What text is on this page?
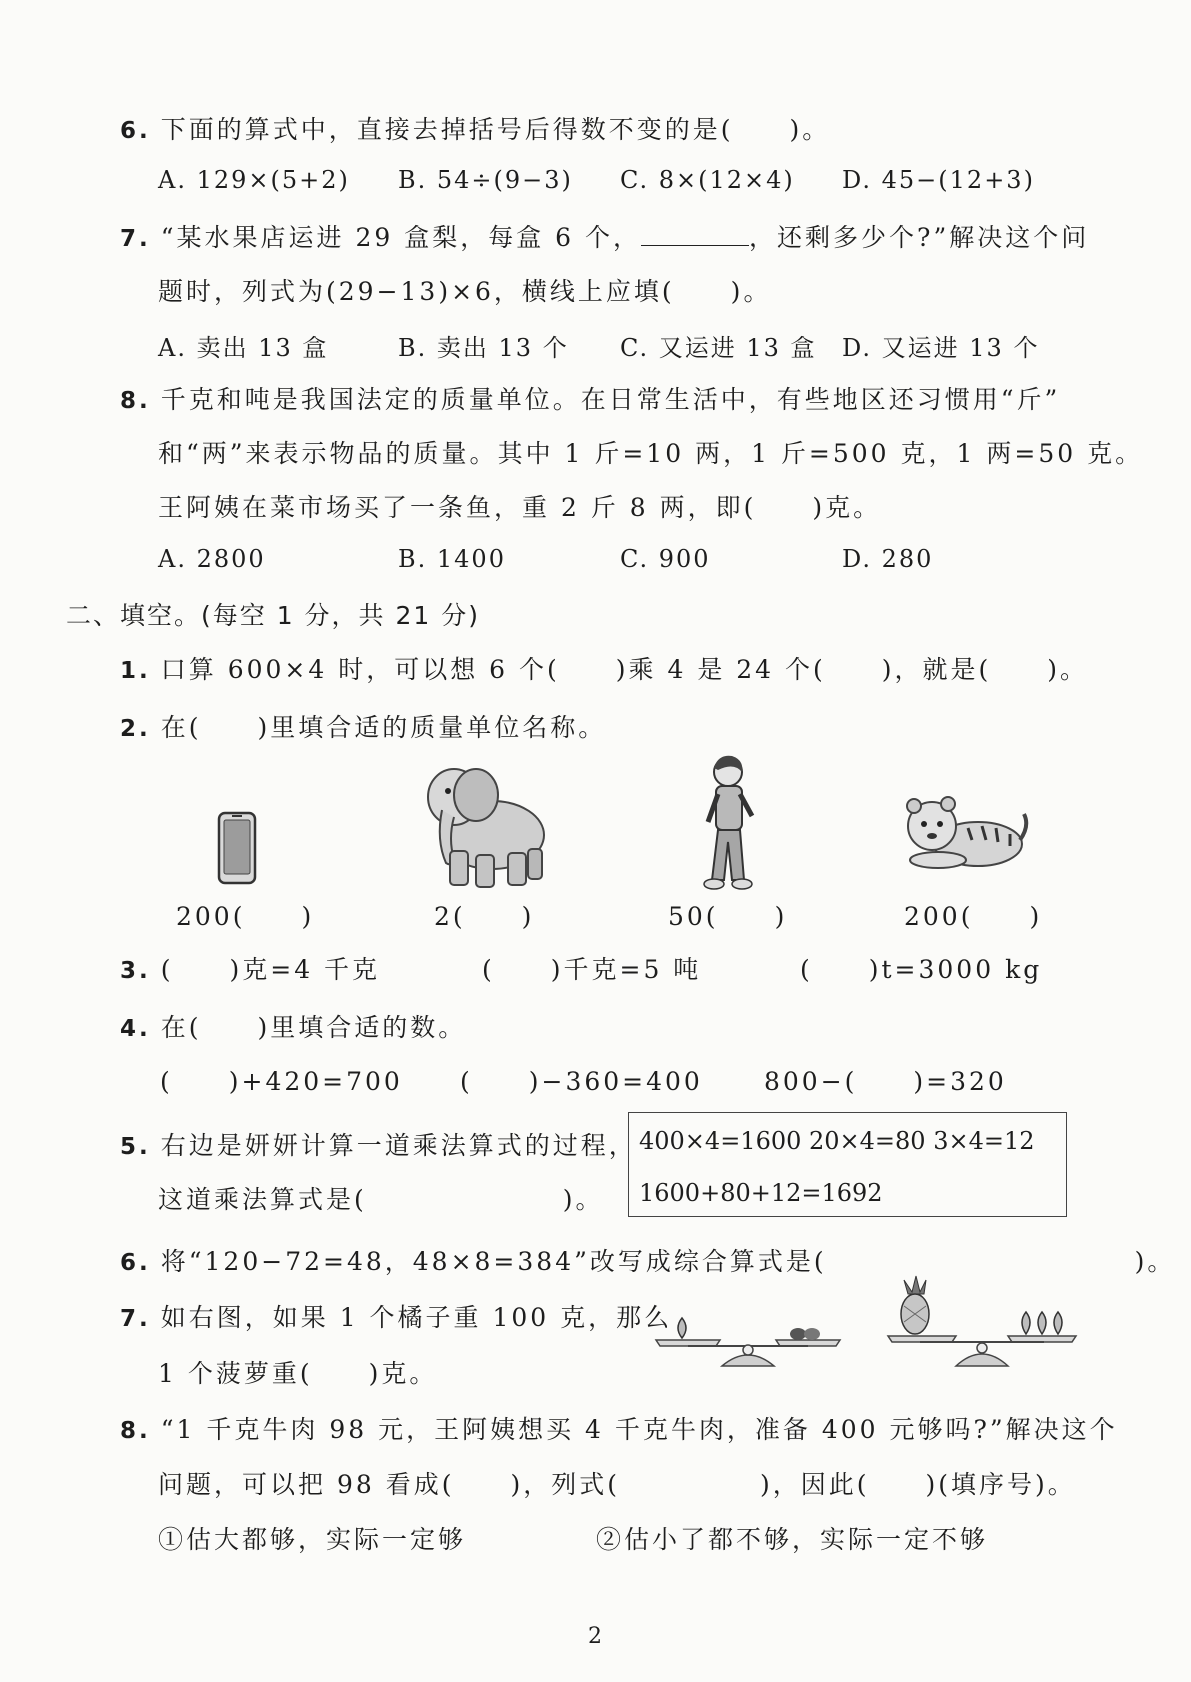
6. 下面的算式中，直接去掉括号后得数不变的是(　　)。
A. 129×(5+2) B. 54÷(9−3) C. 8×(12×4) D. 45−(12+3)
7. “某水果店运进 29 盒梨，每盒 6 个，	，还剩多少个?”解决这个问
题时，列式为(29−13)×6，横线上应填(　　)。
A. 卖出 13 盒	B. 卖出 13 个 C. 又运进 13 盒 D. 又运进 13 个
8. 千克和吨是我国法定的质量单位。在日常生活中，有些地区还习惯用“斤”
和“两”来表示物品的质量。其中 1 斤=10 两，1 斤=500 克，1 两=50 克。
王阿姨在菜市场买了一条鱼，重 2 斤 8 两，即(　　)克。
A. 2800	B. 1400	C. 900	D. 280
二、填空。(每空 1 分，共 21 分)
1. 口算 600×4 时，可以想 6 个(　　)乘 4 是 24 个(　　)，就是(　　)。
2. 在(　　)里填合适的质量单位名称。
200(　　)	2(　　)	50(　　)	200(　　)
3. (　　)克=4 千克	(　　)千克=5 吨	(　　)t=3000 kg
4. 在(　　)里填合适的数。
(　　)+420=700 (　　)−360=400 800−(　　)=320
5. 右边是妍妍计算一道乘法算式的过程，
这道乘法算式是(　　　　　　　)。
400×4=1600 20×4=80 3×4=12
1600+80+12=1692
6. 将“120−72=48，48×8=384”改写成综合算式是(　　　　　　　　　　　)。
7. 如右图，如果 1 个橘子重 100 克，那么
1 个菠萝重(　　)克。
8. “1 千克牛肉 98 元，王阿姨想买 4 千克牛肉，准备 400 元够吗?”解决这个
问题，可以把 98 看成(　　)，列式(　　　　　)，因此(　　)(填序号)。
①估大都够，实际一定够	②估小了都不够，实际一定不够
2
